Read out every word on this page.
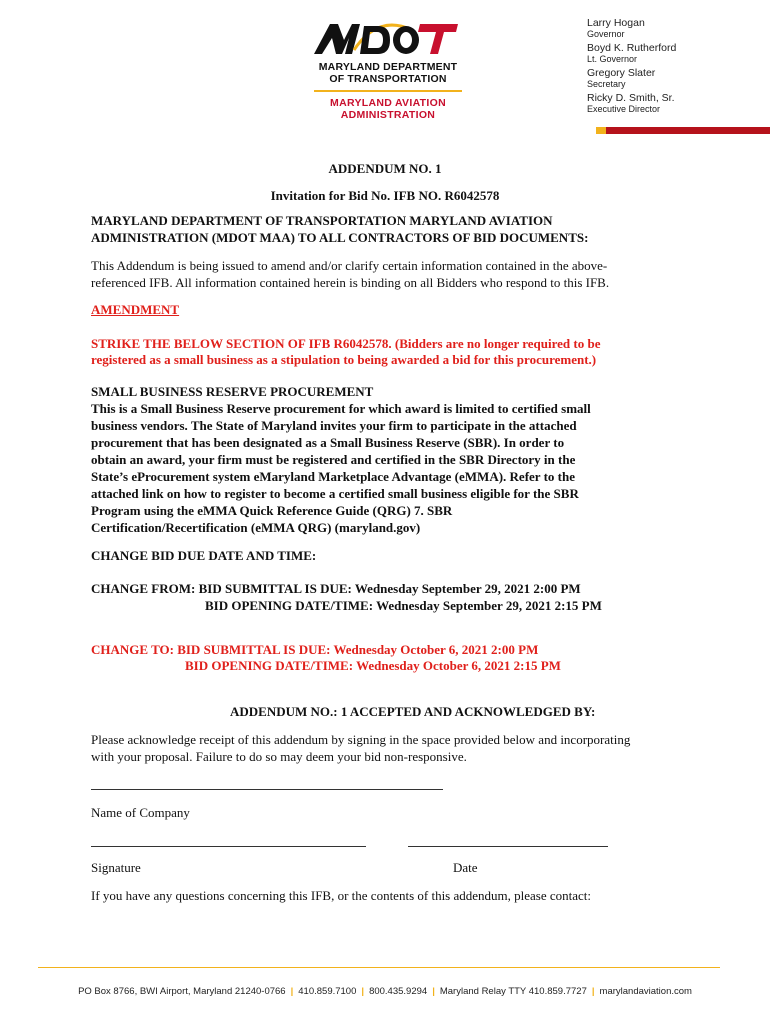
MARYLAND DEPARTMENT
OF TRANSPORTATION
MARYLAND AVIATION
ADMINISTRATION
Larry Hogan
Governor
Boyd K. Rutherford
Lt. Governor
Gregory Slater
Secretary
Ricky D. Smith, Sr.
Executive Director
ADDENDUM NO. 1
Invitation for Bid No. IFB NO. R6042578
MARYLAND DEPARTMENT OF TRANSPORTATION MARYLAND AVIATION
ADMINISTRATION (MDOT MAA) TO ALL CONTRACTORS OF BID DOCUMENTS:
This Addendum is being issued to amend and/or clarify certain information contained in the above-
referenced IFB. All information contained herein is binding on all Bidders who respond to this IFB.
AMENDMENT
STRIKE THE BELOW SECTION OF IFB R6042578. (Bidders are no longer required to be
registered as a small business as a stipulation to being awarded a bid for this procurement.)
SMALL BUSINESS RESERVE PROCUREMENT
This is a Small Business Reserve procurement for which award is limited to certified small
business vendors. The State of Maryland invites your firm to participate in the attached
procurement that has been designated as a Small Business Reserve (SBR). In order to
obtain an award, your firm must be registered and certified in the SBR Directory in the
State’s eProcurement system eMaryland Marketplace Advantage (eMMA). Refer to the
attached link on how to register to become a certified small business eligible for the SBR
Program using the eMMA Quick Reference Guide (QRG) 7. SBR
Certification/Recertification (eMMA QRG) (maryland.gov)
CHANGE BID DUE DATE AND TIME:
CHANGE FROM: BID SUBMITTAL IS DUE: Wednesday September 29, 2021 2:00 PM
BID OPENING DATE/TIME: Wednesday September 29, 2021 2:15 PM
CHANGE TO: BID SUBMITTAL IS DUE: Wednesday October 6, 2021 2:00 PM
BID OPENING DATE/TIME: Wednesday October 6, 2021 2:15 PM
ADDENDUM NO.: 1 ACCEPTED AND ACKNOWLEDGED BY:
Please acknowledge receipt of this addendum by signing in the space provided below and incorporating
with your proposal. Failure to do so may deem your bid non-responsive.
Name of Company
Signature	Date
If you have any questions concerning this IFB, or the contents of this addendum, please contact:
PO Box 8766, BWI Airport, Maryland 21240-0766 | 410.859.7100 | 800.435.9294 | Maryland Relay TTY 410.859.7727 | marylandaviation.com
